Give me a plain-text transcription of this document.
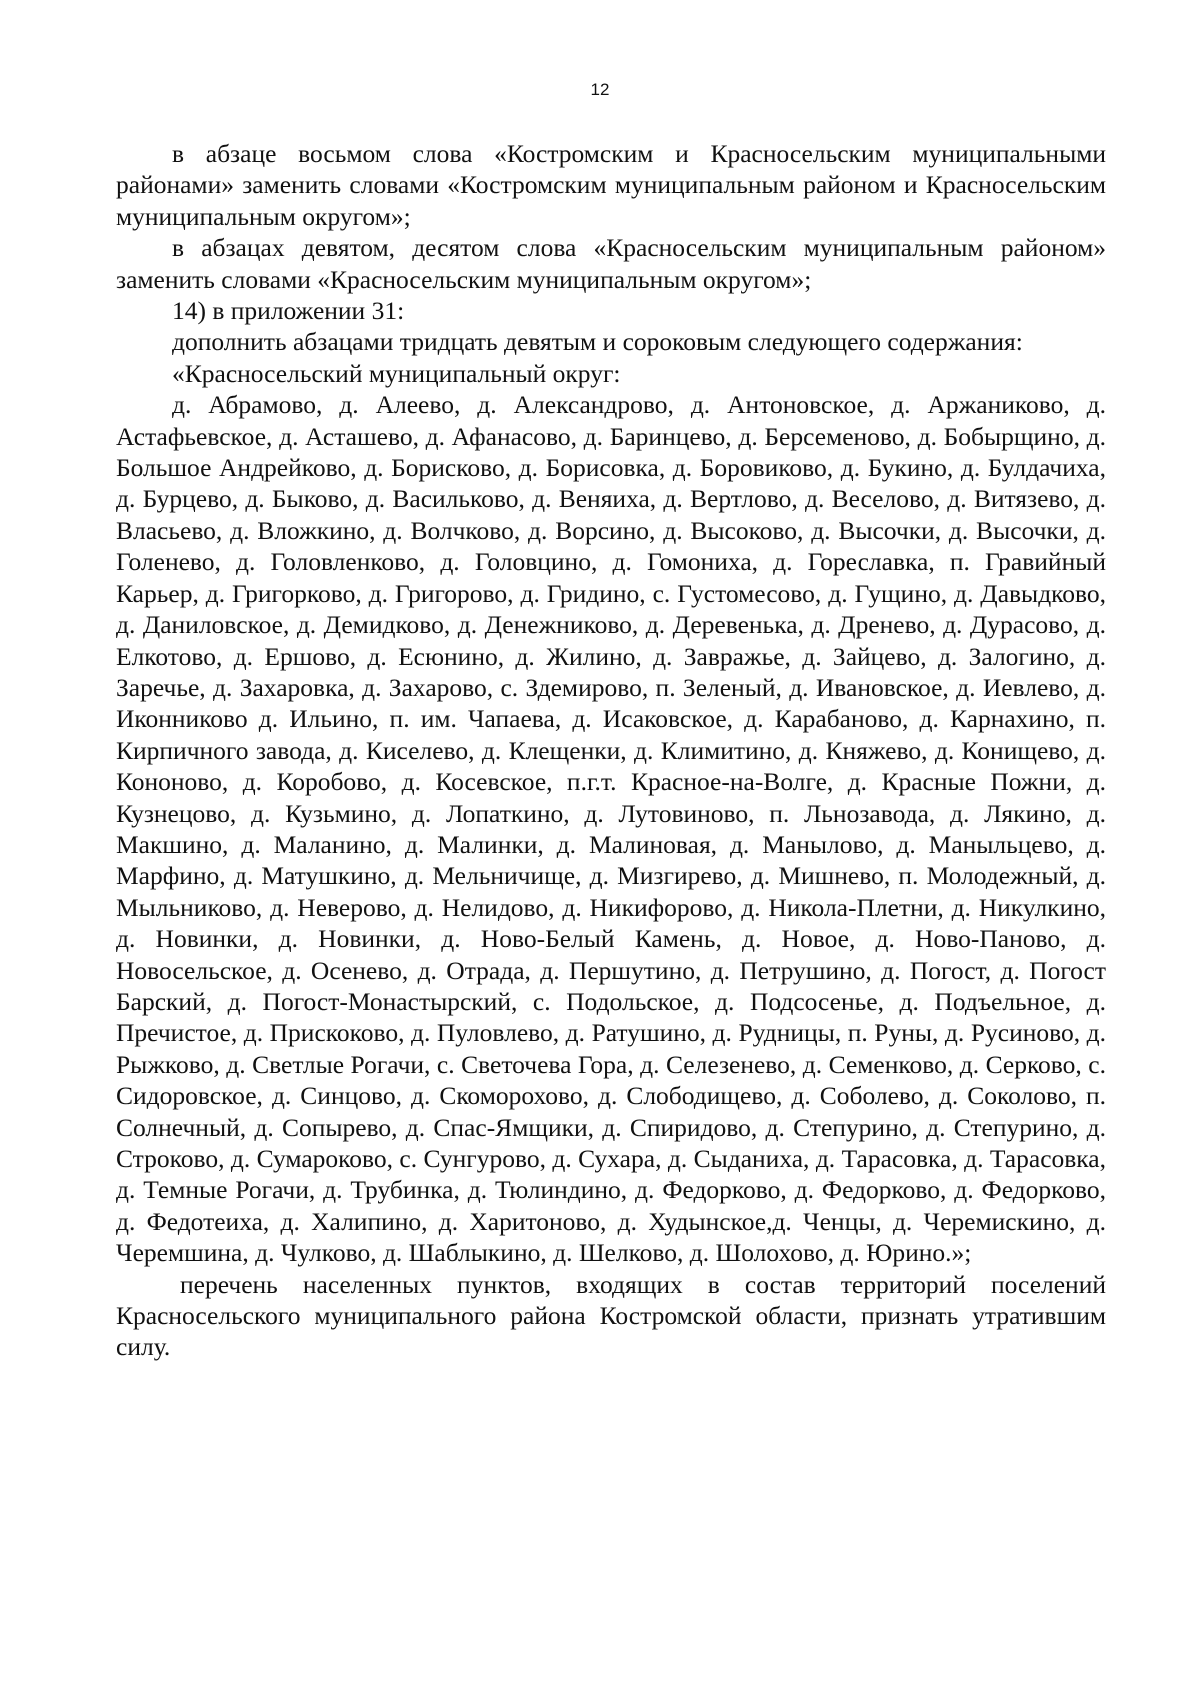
12

в абзаце восьмом слова «Костромским и Красносельским муниципальными районами» заменить словами «Костромским муниципальным районом и Красносельским муниципальным округом»;

в абзацах девятом, десятом слова «Красносельским муниципальным районом» заменить словами «Красносельским муниципальным округом»;

14) в приложении 31:

дополнить абзацами тридцать девятым и сороковым следующего содержания:

«Красносельский муниципальный округ:

д. Абрамово, д. Алеево, д. Александрово, д. Антоновское, д. Аржаниково, д. Астафьевское, д. Асташево, д. Афанасово, д. Баринцево, д. Берсеменово, д. Бобырщино, д. Большое Андрейково, д. Борисково, д. Борисовка, д. Боровиково, д. Букино, д. Булдачиха, д. Бурцево, д. Быково, д. Васильково, д. Веняиха, д. Вертлово, д. Веселово, д. Витязево, д. Власьево, д. Вложкино, д. Волчково, д. Ворсино, д. Высоково, д. Высочки, д. Высочки, д. Голенево, д. Головленково, д. Головцино, д. Гомониха, д. Гореславка, п. Гравийный Карьер, д. Григорково, д. Григорово, д. Гридино, с. Густомесово, д. Гущино, д. Давыдково, д. Даниловское, д. Демидково, д. Денежниково, д. Деревенька, д. Дренево, д. Дурасово, д. Елкотово, д. Ершово, д. Есюнино, д. Жилино, д. Завражье, д. Зайцево, д. Залогино, д. Заречье, д. Захаровка, д. Захарово, с. Здемирово, п. Зеленый, д. Ивановское, д. Иевлево, д. Иконниково д. Ильино, п. им. Чапаева, д. Исаковское, д. Карабаново, д. Карнахино, п. Кирпичного завода, д. Киселево, д. Клещенки, д. Климитино, д. Княжево, д. Конищево, д. Кононово, д. Коробово, д. Косевское, п.г.т. Красное-на-Волге, д. Красные Пожни, д. Кузнецово, д. Кузьмино, д. Лопаткино, д. Лутовиново, п. Льнозавода, д. Лякино, д. Макшино, д. Маланино, д. Малинки, д. Малиновая, д. Манылово, д. Маныльцево, д. Марфино, д. Матушкино, д. Мельничище, д. Мизгирево, д. Мишнево, п. Молодежный, д. Мыльниково, д. Неверово, д. Нелидово, д. Никифорово, д. Никола-Плетни, д. Никулкино, д. Новинки, д. Новинки, д. Ново-Белый Камень, д. Новое, д. Ново-Паново, д. Новосельское, д. Осенево, д. Отрада, д. Першутино, д. Петрушино, д. Погост, д. Погост Барский, д. Погост-Монастырский, с. Подольское, д. Подсосенье, д. Подъельное, д. Пречистое, д. Прискоково, д. Пуловлево, д. Ратушино, д. Рудницы, п. Руны, д. Русиново, д. Рыжково, д. Светлые Рогачи, с. Светочева Гора, д. Селезенево, д. Семенково, д. Серково, с. Сидоровское, д. Синцово, д. Скоморохово, д. Слободищево, д. Соболево, д. Соколово, п. Солнечный, д. Сопырево, д. Спас-Ямщики, д. Спиридово, д. Степурино, д. Степурино, д. Строково, д. Сумароково, с. Сунгурово, д. Сухара, д. Сыданиха, д. Тарасовка, д. Тарасовка, д. Темные Рогачи, д. Трубинка, д. Тюлиндино, д. Федорково, д. Федорково, д. Федорково, д. Федотеиха, д. Халипино, д. Харитоново, д. Худынское,д. Ченцы, д. Черемискино, д. Черемшина, д. Чулково, д. Шаблыкино, д. Шелково, д. Шолохово, д. Юрино.»;

перечень населенных пунктов, входящих в состав территорий поселений Красносельского муниципального района Костромской области, признать утратившим силу.
